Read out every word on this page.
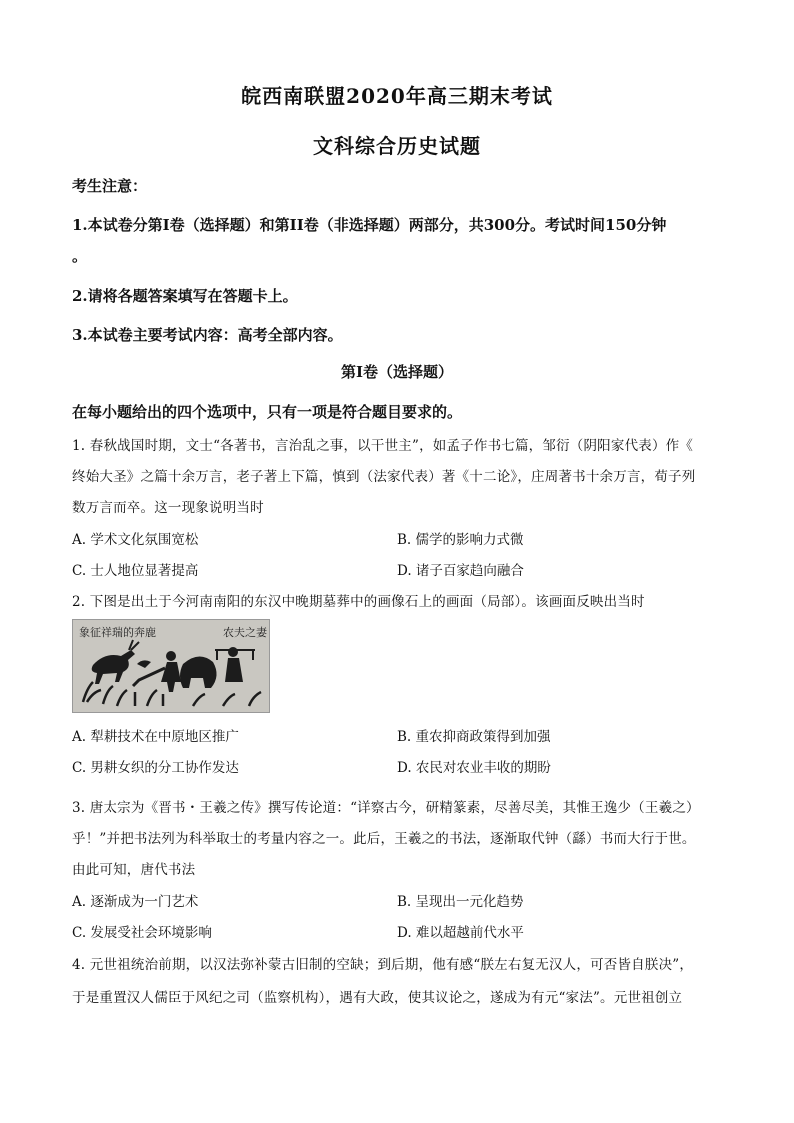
皖西南联盟2020年高三期末考试
文科综合历史试题
考生注意：
1.本试卷分第Ⅰ卷（选择题）和第II卷（非选择题）两部分，共300分。考试时间150分钟
。
2.请将各题答案填写在答题卡上。
3.本试卷主要考试内容：高考全部内容。
第Ⅰ卷（选择题）
在每小题给出的四个选项中，只有一项是符合题目要求的。
1. 春秋战国时期，文士“各著书，言治乱之事，以干世主”，如孟子作书七篇，邹衍（阴阳家代表）作《
终始大圣》之篇十余万言，老子著上下篇，慎到（法家代表）著《十二论》，庄周著书十余万言，荀子列
数万言而卒。这一现象说明当时
A. 学术文化氛围宽松	B. 儒学的影响力式微
C. 士人地位显著提高	D. 诸子百家趋向融合
2. 下图是出土于今河南南阳的东汉中晚期墓葬中的画像石上的画面（局部）。该画面反映出当时
象征祥瑞的奔鹿	农夫之妻
A. 犁耕技术在中原地区推广	B. 重农抑商政策得到加强
C. 男耕女织的分工协作发达	D. 农民对农业丰收的期盼
3. 唐太宗为《晋书・王羲之传》撰写传论道：“详察古今，研精篆素，尽善尽美，其惟王逸少（王羲之）
乎！”并把书法列为科举取士的考量内容之一。此后，王羲之的书法，逐渐取代钟（繇）书而大行于世。
由此可知，唐代书法
A. 逐渐成为一门艺术	B. 呈现出一元化趋势
C. 发展受社会环境影响	D. 难以超越前代水平
4. 元世祖统治前期，以汉法弥补蒙古旧制的空缺；到后期，他有感“朕左右复无汉人，可否皆自朕决”，
于是重置汉人儒臣于风纪之司（监察机构），遇有大政，使其议论之，遂成为有元“家法”。元世祖创立
